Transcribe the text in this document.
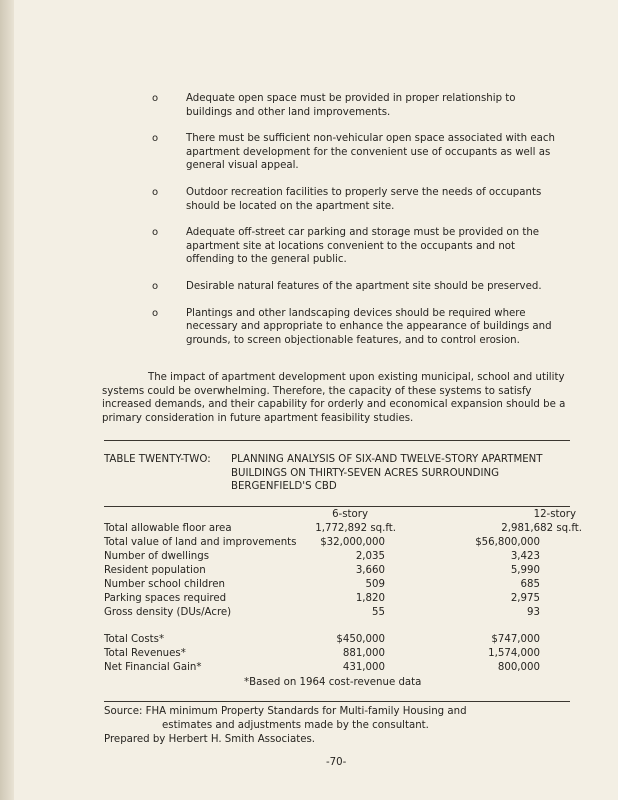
o	Adequate open space must be provided in proper relationship to buildings and other land improvements.
o	There must be sufficient non-vehicular open space associated with each apartment development for the convenient use of occupants as well as general visual appeal.
o	Outdoor recreation facilities to properly serve the needs of occupants should be located on the apartment site.
o	Adequate off-street car parking and storage must be provided on the apartment site at locations convenient to the occupants and not offending to the general public.
o	Desirable natural features of the apartment site should be preserved.
o	Plantings and other landscaping devices should be required where necessary and appropriate to enhance the appearance of buildings and grounds, to screen objectionable features, and to control erosion.
The impact of apartment development upon existing municipal, school and utility systems could be overwhelming. Therefore, the capacity of these systems to satisfy increased demands, and their capability for orderly and economical expansion should be a primary consideration in future apartment feasibility studies.
TABLE TWENTY-TWO: PLANNING ANALYSIS OF SIX-AND TWELVE-STORY APARTMENT BUILDINGS ON THIRTY-SEVEN ACRES SURROUNDING BERGENFIELD'S CBD
6-story	12-story
Total allowable floor area	1,772,892 sq.ft.	2,981,682 sq.ft.
Total value of land and improvements $32,000,000	$56,800,000
Number of dwellings	2,035	3,423
Resident population	3,660	5,990
Number school children	509	685
Parking spaces required	1,820	2,975
Gross density (DUs/Acre)	55	93
Total Costs*	$450,000	$747,000
Total Revenues*	881,000	1,574,000
Net Financial Gain*	431,000	800,000
*Based on 1964 cost-revenue data
Source: FHA minimum Property Standards for Multi-family Housing and
estimates and adjustments made by the consultant.
Prepared by Herbert H. Smith Associates.
-70-
